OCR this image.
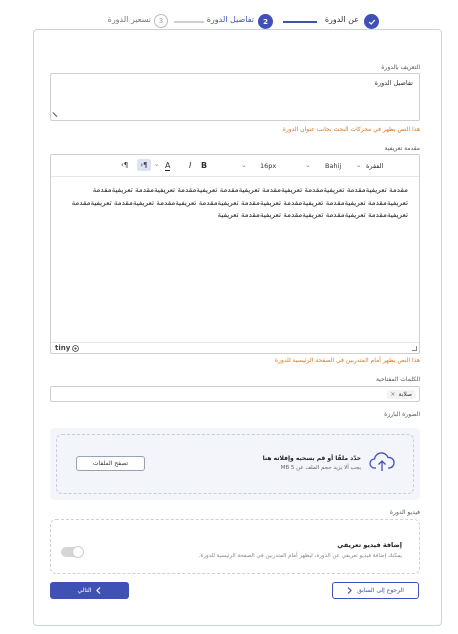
عن الدورة
2
تفاصيل الدورة
3
تسعير الدورة
التعريف بالدورة
تفاصيل الدورة
هذا النص يظهر في محركات البحث بجانب عنوان الدورة
مقدمة تعريفية
الفقرة
⌄
Bahij
⌄
16px
⌄
B
I
A
⌄
¶‹
¶›
مقدمة تعريفيةمقدمة تعريفيةمقدمة تعريفيةمقدمة تعريفيةمقدمة تعريفيةمقدمة تعريفيةمقدمة تعريفيةمقدمة تعريفيةمقدمة تعريفيةمقدمة تعريفيةمقدمة تعريفيةمقدمة تعريفيةمقدمة تعريفيةمقدمة تعريفيةمقدمة تعريفيةمقدمة تعريفيةمقدمة تعريفيةمقدمة تعريفيةمقدمة تعريفيةمقدمة تعريفية
tiny
هذا النص يظهر أمام المتدربين في الصفحة الرئيسية للدورة
الكلمات المفتاحية
صلابة
×
الصورة البارزة
حدّد ملفًا أو قم بسحبه وإفلاته هنا
يجب ألا يزيد حجم الملف عن 5 MB
تصفح الملفات
فيديو الدورة
إضافة فيديو تعريفي
يمكنك إضافة فيديو تعريفي عن الدورة، ليظهر أمام المتدربين في الصفحة الرئيسية للدورة.
الرجوع إلى السابق
التالي
